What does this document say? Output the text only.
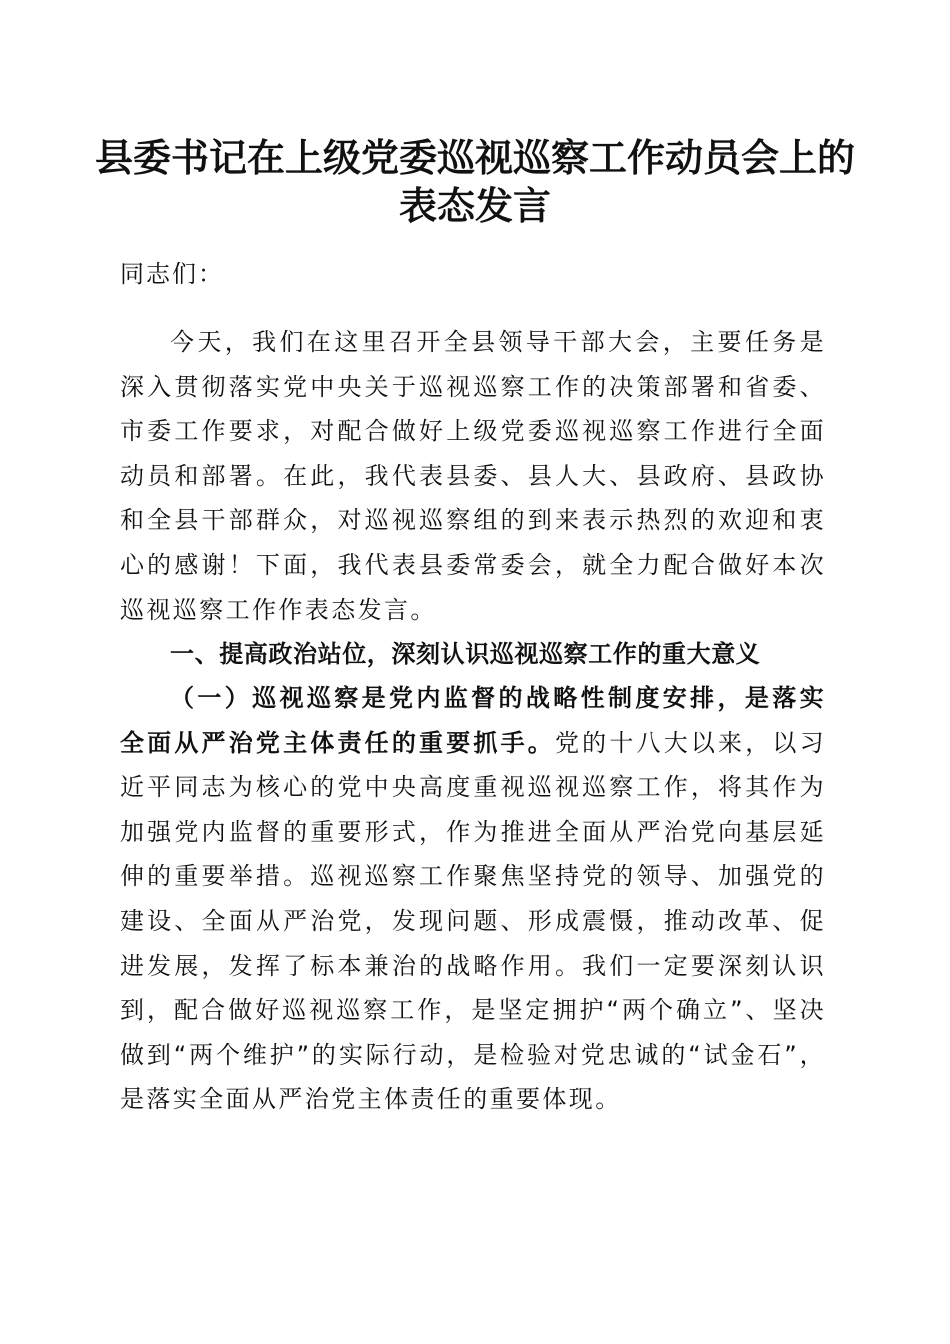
县委书记在上级党委巡视巡察工作动员会上的
表态发言

同志们：

今天，我们在这里召开全县领导干部大会，主要任务是深入贯彻落实党中央关于巡视巡察工作的决策部署和省委、市委工作要求，对配合做好上级党委巡视巡察工作进行全面动员和部署。在此，我代表县委、县人大、县政府、县政协和全县干部群众，对巡视巡察组的到来表示热烈的欢迎和衷心的感谢！下面，我代表县委常委会，就全力配合做好本次巡视巡察工作作表态发言。

一、提高政治站位，深刻认识巡视巡察工作的重大意义

（一）巡视巡察是党内监督的战略性制度安排，是落实全面从严治党主体责任的重要抓手。党的十八大以来，以习近平同志为核心的党中央高度重视巡视巡察工作，将其作为加强党内监督的重要形式，作为推进全面从严治党向基层延伸的重要举措。巡视巡察工作聚焦坚持党的领导、加强党的建设、全面从严治党，发现问题、形成震慑，推动改革、促进发展，发挥了标本兼治的战略作用。我们一定要深刻认识到，配合做好巡视巡察工作，是坚定拥护“两个确立”、坚决做到“两个维护”的实际行动，是检验对党忠诚的“试金石”，是落实全面从严治党主体责任的重要体现。
